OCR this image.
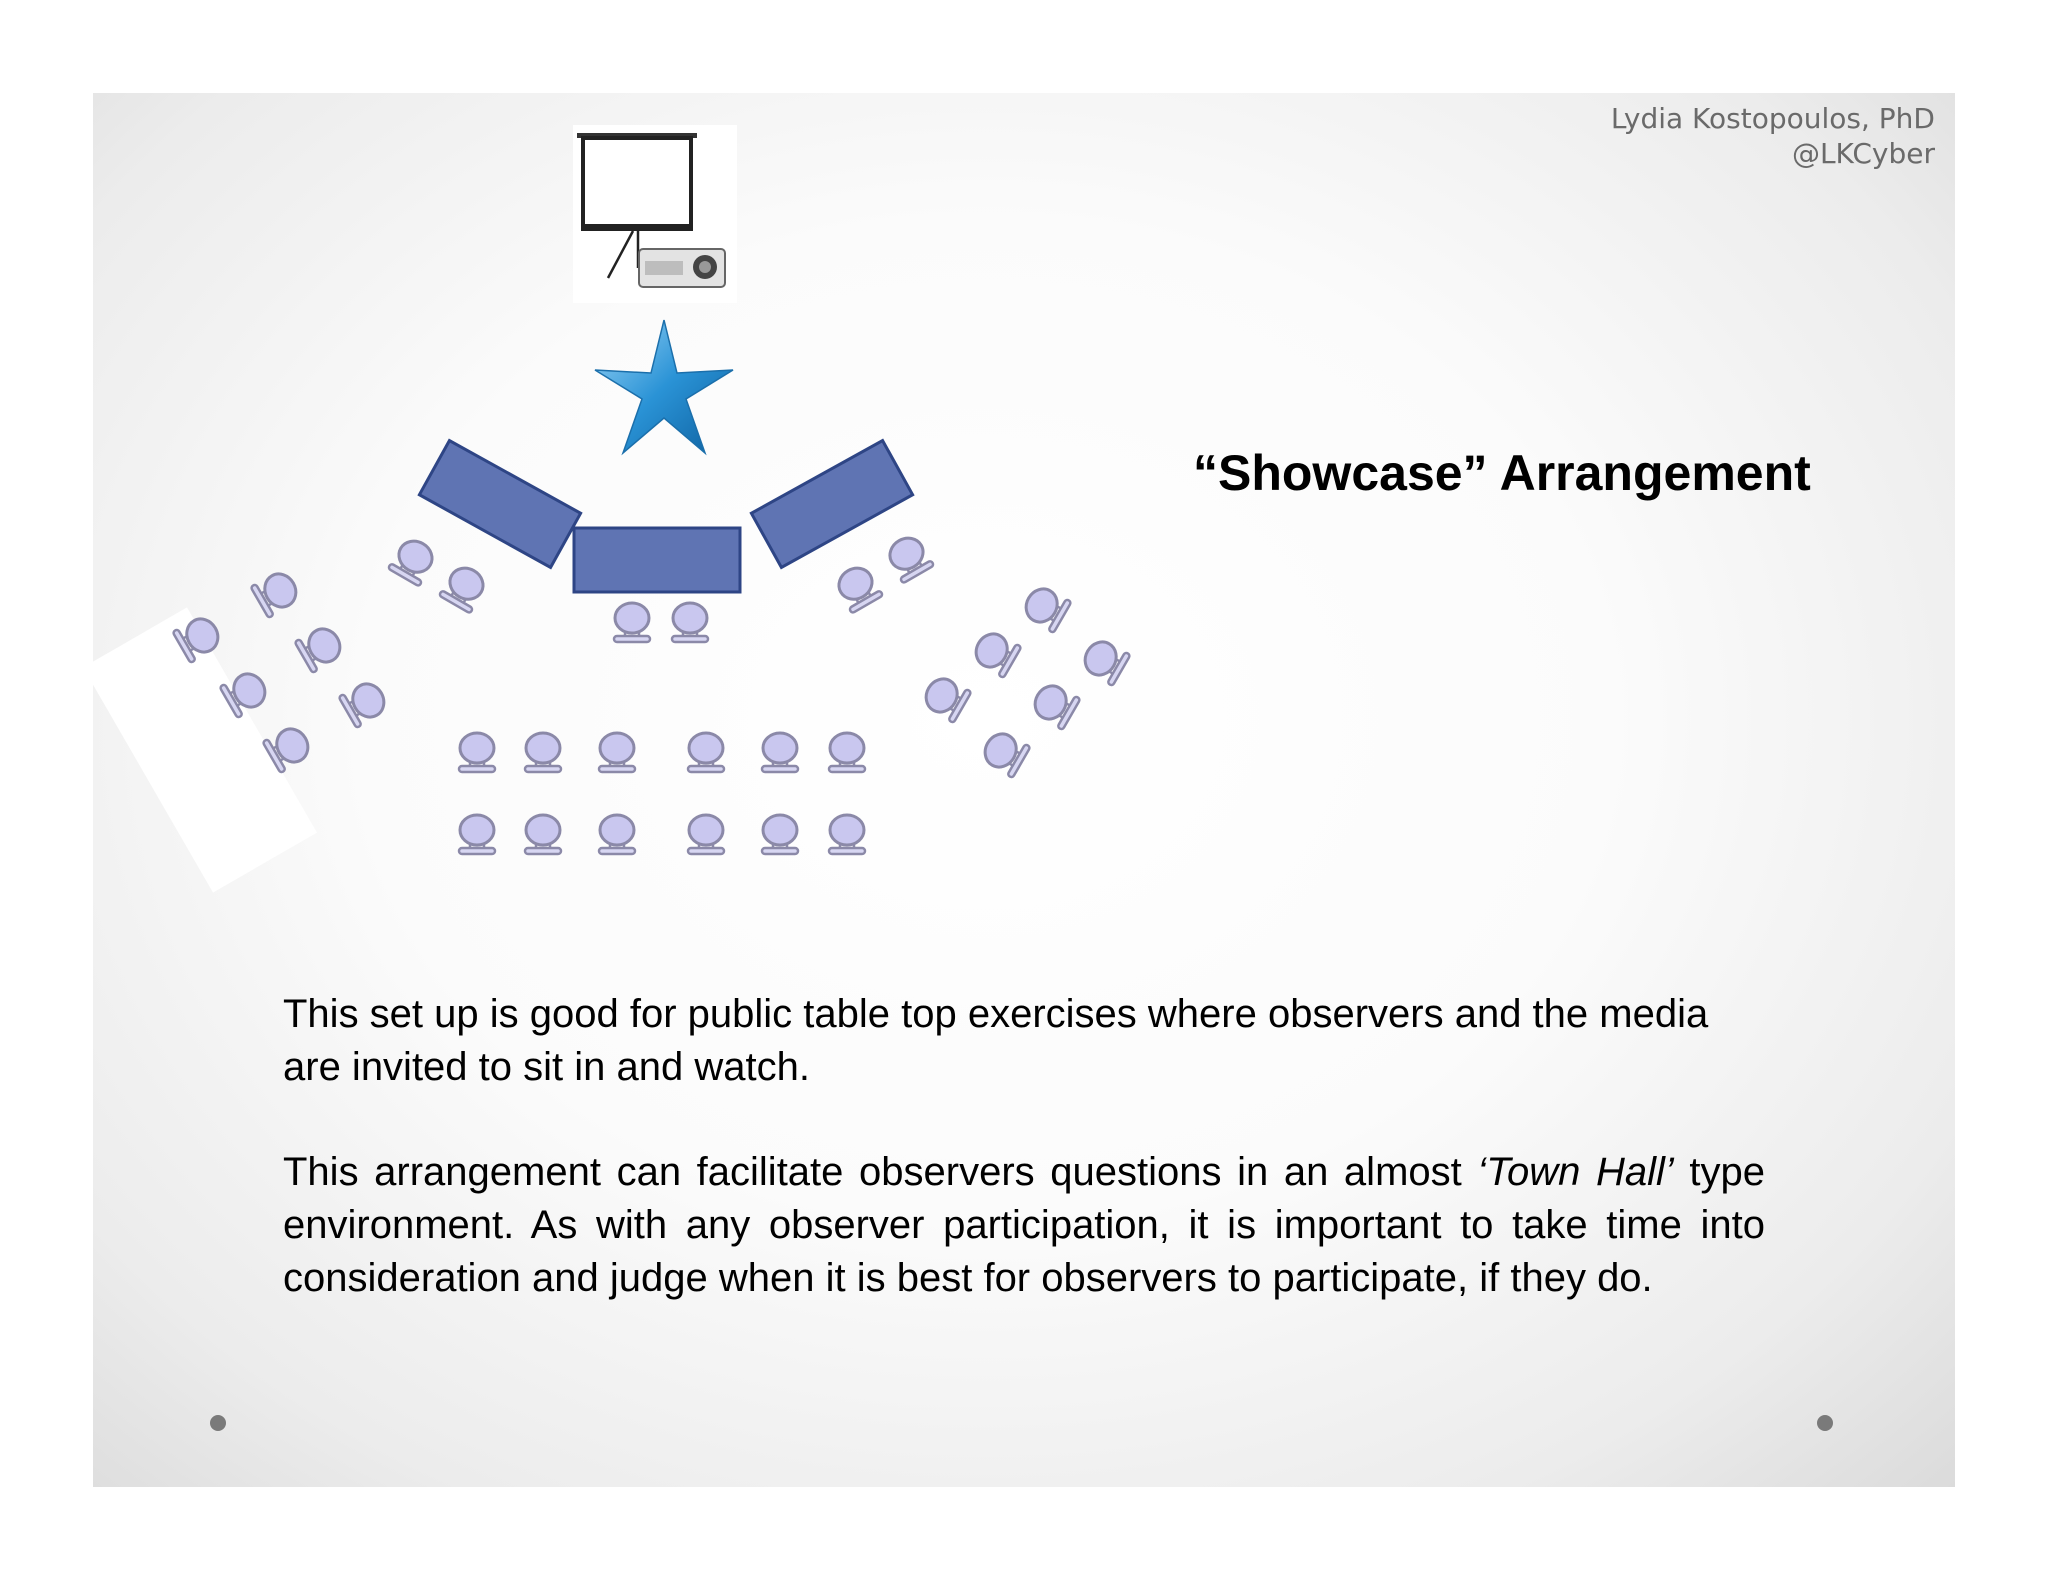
Lydia Kostopoulos, PhD
@LKCyber
“Showcase” Arrangement
This set up is good for public table top exercises where observers and the media are invited to sit in and watch.
This arrangement can facilitate observers questions in an almost ‘Town Hall’ type environment. As with any observer participation, it is important to take time into consideration and judge when it is best for observers to participate, if they do.
